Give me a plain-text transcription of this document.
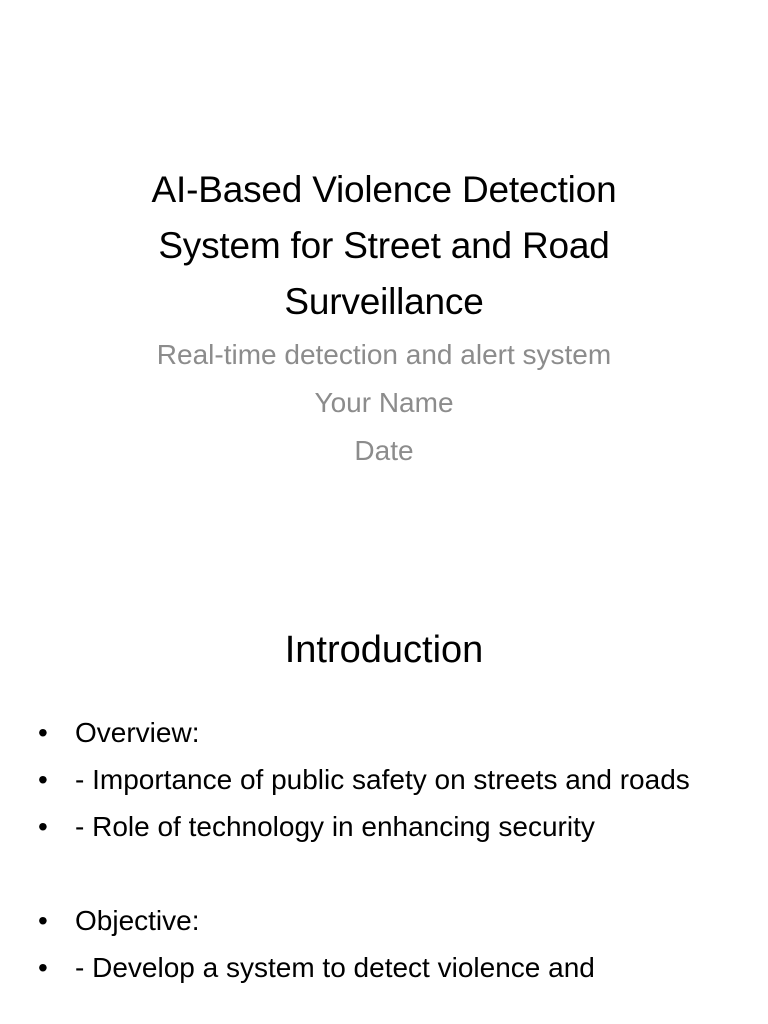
AI-Based Violence Detection
System for Street and Road
Surveillance
Real-time detection and alert system
Your Name
Date
Introduction
• Overview:
• - Importance of public safety on streets and roads
• - Role of technology in enhancing security
• Objective:
• - Develop a system to detect violence and
